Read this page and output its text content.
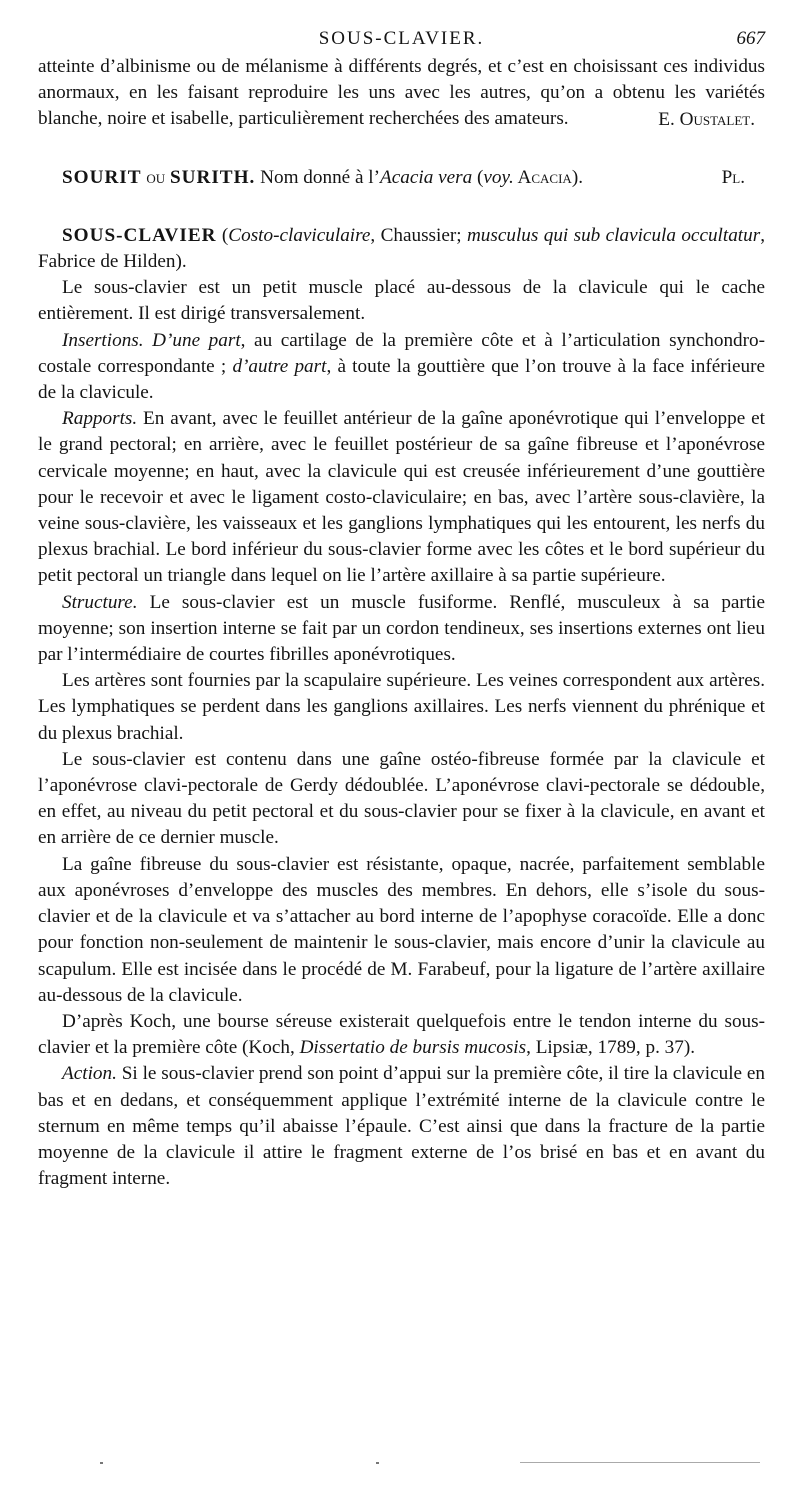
SOUS-CLAVIER.	667

atteinte d’albinisme ou de mélanisme à différents degrés, et c’est en choisissant ces individus anormaux, en les faisant reproduire les uns avec les autres, qu’on a obtenu les variétés blanche, noire et isabelle, particulièrement recherchées des amateurs.	E. Oustalet.
SOURIT ou SURITH. Nom donné à l’Acacia vera (voy. Acacia).	Pl.

SOUS-CLAVIER (Costo-claviculaire, Chaussier; musculus qui sub clavicula occultatur, Fabrice de Hilden).

Le sous-clavier est un petit muscle placé au-dessous de la clavicule qui le cache entièrement. Il est dirigé transversalement.

Insertions. D’une part, au cartilage de la première côte et à l’articulation synchondro-costale correspondante ; d’autre part, à toute la gouttière que l’on trouve à la face inférieure de la clavicule.

Rapports. En avant, avec le feuillet antérieur de la gaîne aponévrotique qui l’enveloppe et le grand pectoral; en arrière, avec le feuillet postérieur de sa gaîne fibreuse et l’aponévrose cervicale moyenne; en haut, avec la clavicule qui est creusée inférieurement d’une gouttière pour le recevoir et avec le ligament costo-claviculaire; en bas, avec l’artère sous-clavière, la veine sous-clavière, les vaisseaux et les ganglions lymphatiques qui les entourent, les nerfs du plexus brachial. Le bord inférieur du sous-clavier forme avec les côtes et le bord supérieur du petit pectoral un triangle dans lequel on lie l’artère axillaire à sa partie supérieure.

Structure. Le sous-clavier est un muscle fusiforme. Renflé, musculeux à sa partie moyenne; son insertion interne se fait par un cordon tendineux, ses insertions externes ont lieu par l’intermédiaire de courtes fibrilles aponévrotiques.

Les artères sont fournies par la scapulaire supérieure. Les veines correspondent aux artères. Les lymphatiques se perdent dans les ganglions axillaires. Les nerfs viennent du phrénique et du plexus brachial.

Le sous-clavier est contenu dans une gaîne ostéo-fibreuse formée par la clavicule et l’aponévrose clavi-pectorale de Gerdy dédoublée. L’aponévrose clavi-pectorale se dédouble, en effet, au niveau du petit pectoral et du sous-clavier pour se fixer à la clavicule, en avant et en arrière de ce dernier muscle.

La gaîne fibreuse du sous-clavier est résistante, opaque, nacrée, parfaitement semblable aux aponévroses d’enveloppe des muscles des membres. En dehors, elle s’isole du sous-clavier et de la clavicule et va s’attacher au bord interne de l’apophyse coracoïde. Elle a donc pour fonction non-seulement de maintenir le sous-clavier, mais encore d’unir la clavicule au scapulum. Elle est incisée dans le procédé de M. Farabeuf, pour la ligature de l’artère axillaire au-dessous de la clavicule.

D’après Koch, une bourse séreuse existerait quelquefois entre le tendon interne du sous-clavier et la première côte (Koch, Dissertatio de bursis mucosis, Lipsiæ, 1789, p. 37).

Action. Si le sous-clavier prend son point d’appui sur la première côte, il tire la clavicule en bas et en dedans, et conséquemment applique l’extrémité interne de la clavicule contre le sternum en même temps qu’il abaisse l’épaule. C’est ainsi que dans la fracture de la partie moyenne de la clavicule il attire le fragment externe de l’os brisé en bas et en avant du fragment interne.
